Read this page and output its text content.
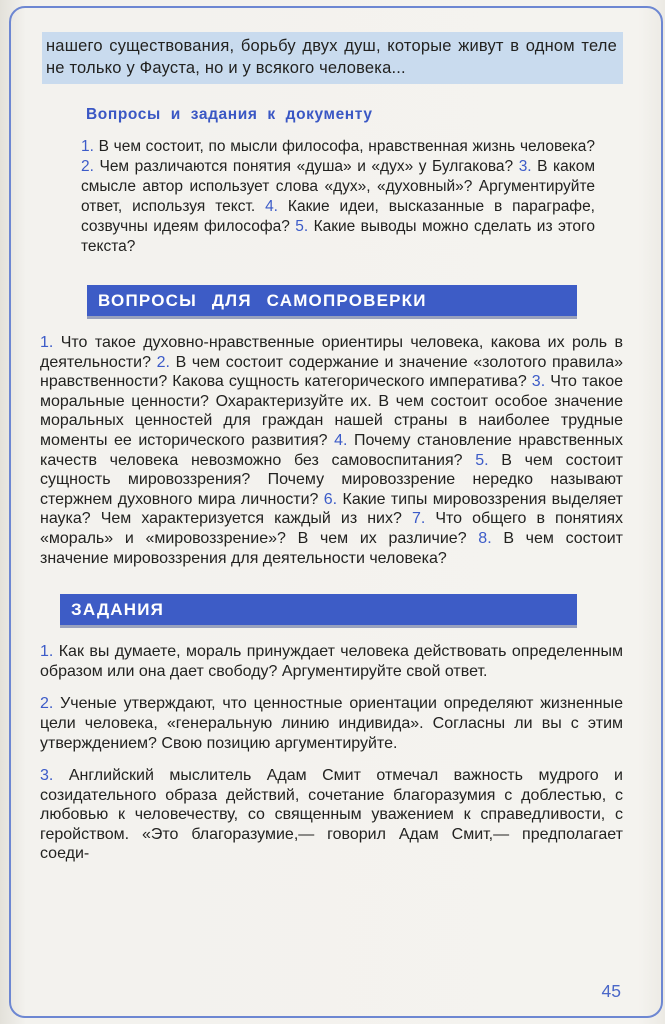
нашего существования, борьбу двух душ, которые живут в одном теле не только у Фауста, но и у всякого человека...

Вопросы и задания к документу

1. В чем состоит, по мысли философа, нравственная жизнь человека? 2. Чем различаются понятия «душа» и «дух» у Булгакова? 3. В каком смысле автор использует слова «дух», «духовный»? Аргументируйте ответ, используя текст. 4. Какие идеи, высказанные в параграфе, созвучны идеям философа? 5. Какие выводы можно сделать из этого текста?

ВОПРОСЫ ДЛЯ САМОПРОВЕРКИ

1. Что такое духовно-нравственные ориентиры человека, какова их роль в деятельности? 2. В чем состоит содержание и значение «золотого правила» нравственности? Какова сущность категорического императива? 3. Что такое моральные ценности? Охарактеризуйте их. В чем состоит особое значение моральных ценностей для граждан нашей страны в наиболее трудные моменты ее исторического развития? 4. Почему становление нравственных качеств человека невозможно без самовоспитания? 5. В чем состоит сущность мировоззрения? Почему мировоззрение нередко называют стержнем духовного мира личности? 6. Какие типы мировоззрения выделяет наука? Чем характеризуется каждый из них? 7. Что общего в понятиях «мораль» и «мировоззрение»? В чем их различие? 8. В чем состоит значение мировоззрения для деятельности человека?

ЗАДАНИЯ

1. Как вы думаете, мораль принуждает человека действовать определенным образом или она дает свободу? Аргументируйте свой ответ.

2. Ученые утверждают, что ценностные ориентации определяют жизненные цели человека, «генеральную линию индивида». Согласны ли вы с этим утверждением? Свою позицию аргументируйте.

3. Английский мыслитель Адам Смит отмечал важность мудрого и созидательного образа действий, сочетание благоразумия с доблестью, с любовью к человечеству, со священным уважением к справедливости, с геройством. «Это благоразумие,— говорил Адам Смит,— предполагает соеди-

45
